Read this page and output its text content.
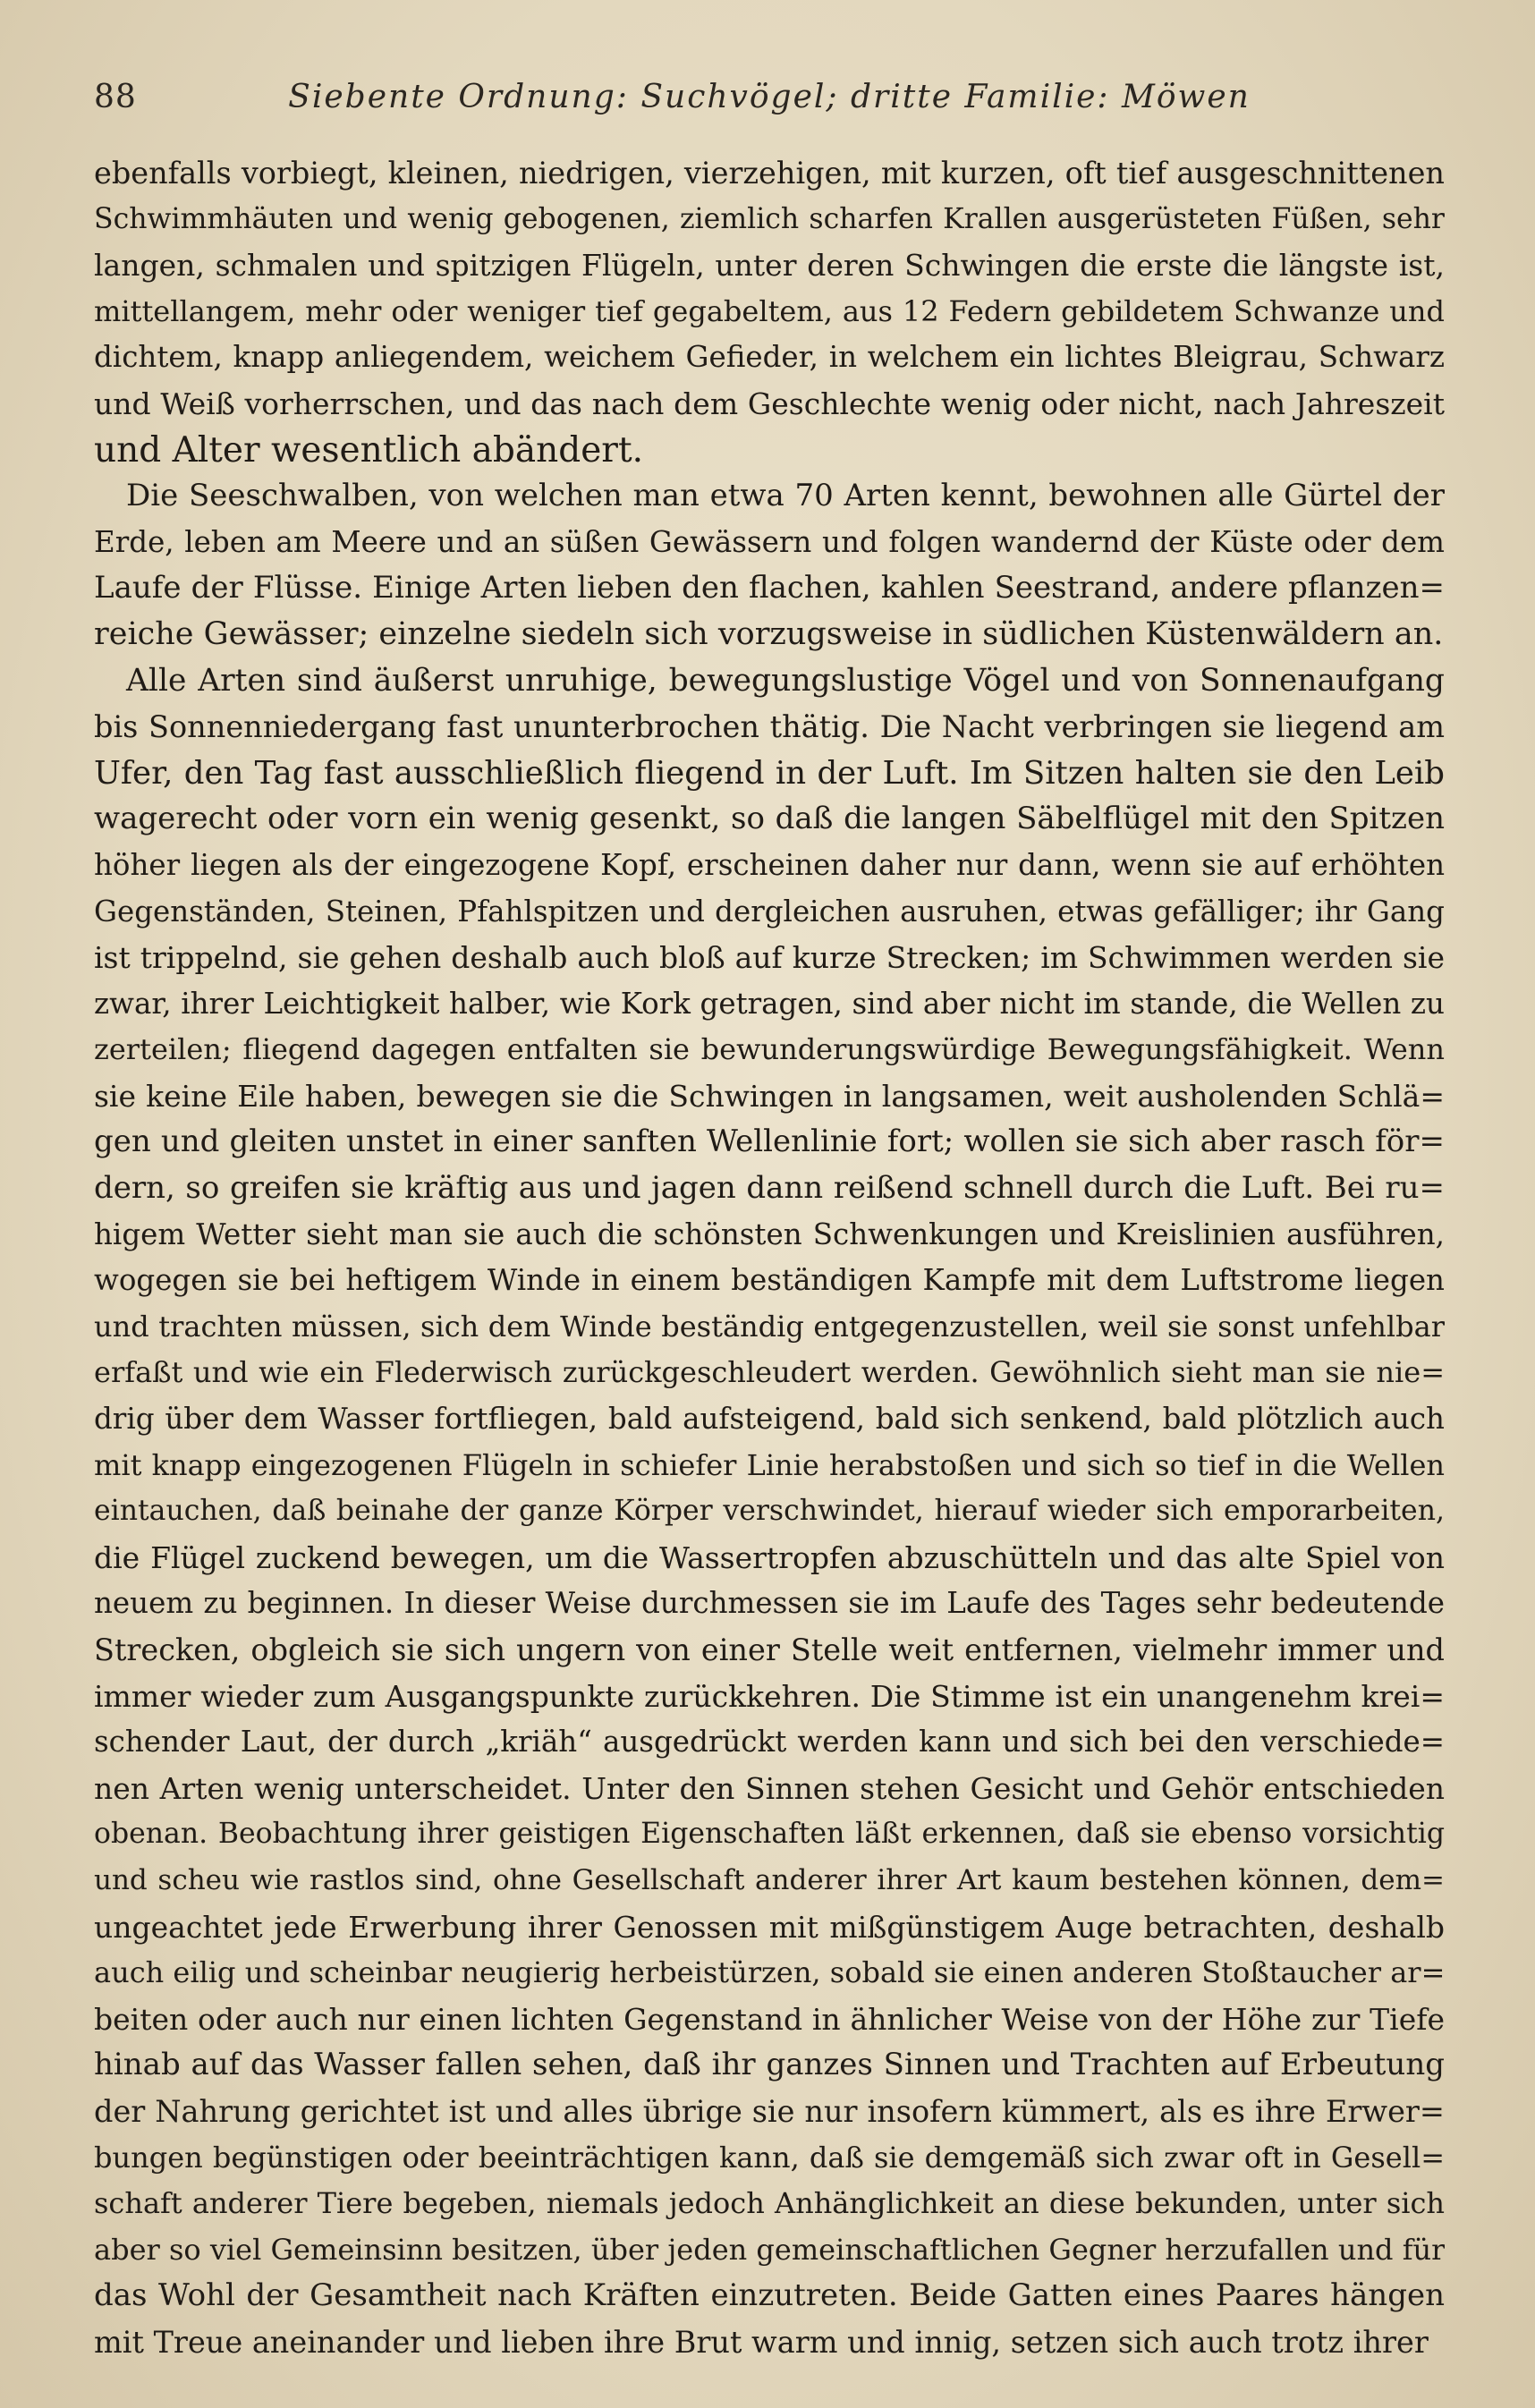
88	Siebente Ordnung: Suchvögel; dritte Familie: Möwen
ebenfalls vorbiegt, kleinen, niedrigen, vierzehigen, mit kurzen, oft tief ausgeschnittenen
Schwimmhäuten und wenig gebogenen, ziemlich scharfen Krallen ausgerüsteten Füßen, sehr
langen, schmalen und spitzigen Flügeln, unter deren Schwingen die erste die längste ist,
mittellangem, mehr oder weniger tief gegabeltem, aus 12 Federn gebildetem Schwanze und
dichtem, knapp anliegendem, weichem Gefieder, in welchem ein lichtes Bleigrau, Schwarz
und Weiß vorherrschen, und das nach dem Geschlechte wenig oder nicht, nach Jahreszeit
und Alter wesentlich abändert.
Die Seeschwalben, von welchen man etwa 70 Arten kennt, bewohnen alle Gürtel der
Erde, leben am Meere und an süßen Gewässern und folgen wandernd der Küste oder dem
Laufe der Flüsse. Einige Arten lieben den flachen, kahlen Seestrand, andere pflanzen=
reiche Gewässer; einzelne siedeln sich vorzugsweise in südlichen Küstenwäldern an.
Alle Arten sind äußerst unruhige, bewegungslustige Vögel und von Sonnenaufgang
bis Sonnenniedergang fast ununterbrochen thätig. Die Nacht verbringen sie liegend am
Ufer, den Tag fast ausschließlich fliegend in der Luft. Im Sitzen halten sie den Leib
wagerecht oder vorn ein wenig gesenkt, so daß die langen Säbelflügel mit den Spitzen
höher liegen als der eingezogene Kopf, erscheinen daher nur dann, wenn sie auf erhöhten
Gegenständen, Steinen, Pfahlspitzen und dergleichen ausruhen, etwas gefälliger; ihr Gang
ist trippelnd, sie gehen deshalb auch bloß auf kurze Strecken; im Schwimmen werden sie
zwar, ihrer Leichtigkeit halber, wie Kork getragen, sind aber nicht im stande, die Wellen zu
zerteilen; fliegend dagegen entfalten sie bewunderungswürdige Bewegungsfähigkeit. Wenn
sie keine Eile haben, bewegen sie die Schwingen in langsamen, weit ausholenden Schlä=
gen und gleiten unstet in einer sanften Wellenlinie fort; wollen sie sich aber rasch för=
dern, so greifen sie kräftig aus und jagen dann reißend schnell durch die Luft. Bei ru=
higem Wetter sieht man sie auch die schönsten Schwenkungen und Kreislinien ausführen,
wogegen sie bei heftigem Winde in einem beständigen Kampfe mit dem Luftstrome liegen
und trachten müssen, sich dem Winde beständig entgegenzustellen, weil sie sonst unfehlbar
erfaßt und wie ein Flederwisch zurückgeschleudert werden. Gewöhnlich sieht man sie nie=
drig über dem Wasser fortfliegen, bald aufsteigend, bald sich senkend, bald plötzlich auch
mit knapp eingezogenen Flügeln in schiefer Linie herabstoßen und sich so tief in die Wellen
eintauchen, daß beinahe der ganze Körper verschwindet, hierauf wieder sich emporarbeiten,
die Flügel zuckend bewegen, um die Wassertropfen abzuschütteln und das alte Spiel von
neuem zu beginnen. In dieser Weise durchmessen sie im Laufe des Tages sehr bedeutende
Strecken, obgleich sie sich ungern von einer Stelle weit entfernen, vielmehr immer und
immer wieder zum Ausgangspunkte zurückkehren. Die Stimme ist ein unangenehm krei=
schender Laut, der durch „kriäh“ ausgedrückt werden kann und sich bei den verschiede=
nen Arten wenig unterscheidet. Unter den Sinnen stehen Gesicht und Gehör entschieden
obenan. Beobachtung ihrer geistigen Eigenschaften läßt erkennen, daß sie ebenso vorsichtig
und scheu wie rastlos sind, ohne Gesellschaft anderer ihrer Art kaum bestehen können, dem=
ungeachtet jede Erwerbung ihrer Genossen mit mißgünstigem Auge betrachten, deshalb
auch eilig und scheinbar neugierig herbeistürzen, sobald sie einen anderen Stoßtaucher ar=
beiten oder auch nur einen lichten Gegenstand in ähnlicher Weise von der Höhe zur Tiefe
hinab auf das Wasser fallen sehen, daß ihr ganzes Sinnen und Trachten auf Erbeutung
der Nahrung gerichtet ist und alles übrige sie nur insofern kümmert, als es ihre Erwer=
bungen begünstigen oder beeinträchtigen kann, daß sie demgemäß sich zwar oft in Gesell=
schaft anderer Tiere begeben, niemals jedoch Anhänglichkeit an diese bekunden, unter sich
aber so viel Gemeinsinn besitzen, über jeden gemeinschaftlichen Gegner herzufallen und für
das Wohl der Gesamtheit nach Kräften einzutreten. Beide Gatten eines Paares hängen
mit Treue aneinander und lieben ihre Brut warm und innig, setzen sich auch trotz ihrer
